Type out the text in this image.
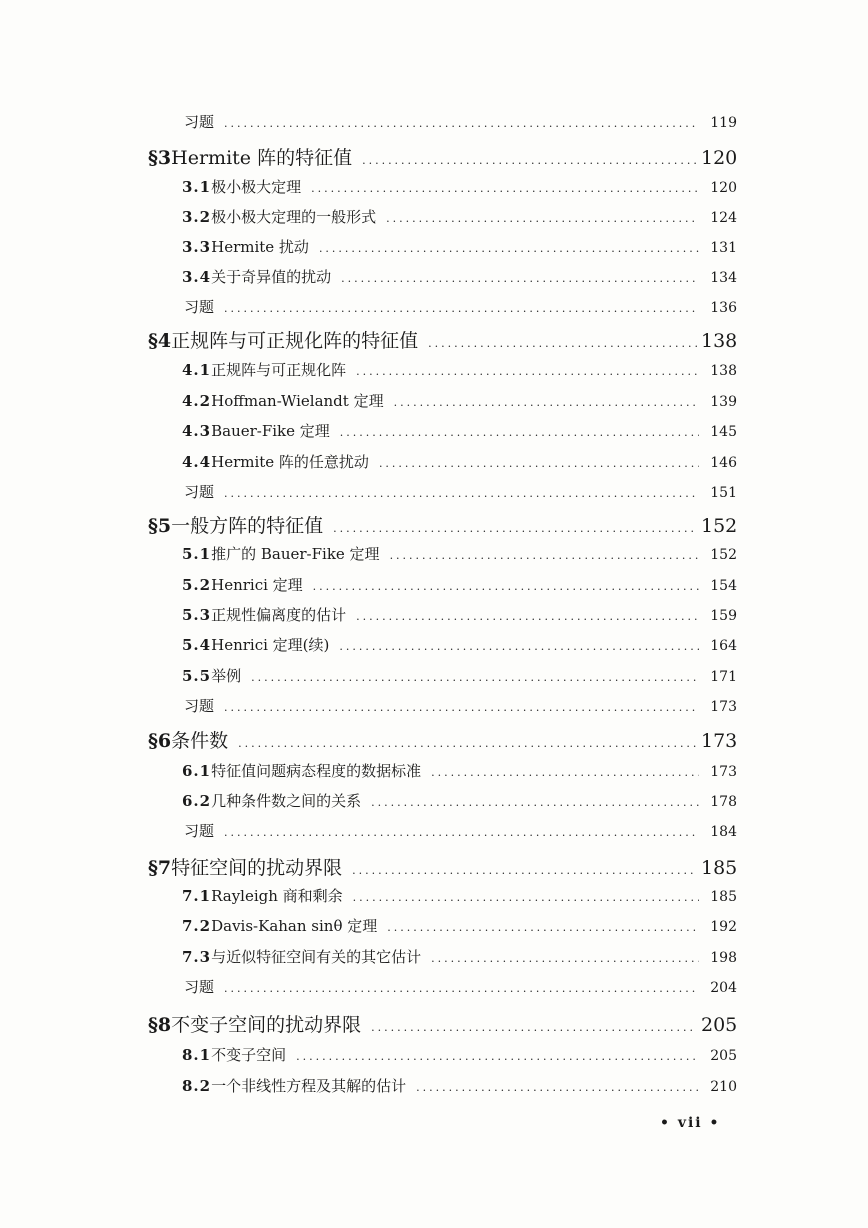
习题 .....	119
§3 Hermite 阵的特征值 .....	120
3.1 极小极大定理 .....	120
3.2 极小极大定理的一般形式 .....	124
3.3 Hermite 扰动 .....	131
3.4 关于奇异值的扰动 .....	134
习题 .....	136
§4 正规阵与可正规化阵的特征值 .....	138
4.1 正规阵与可正规化阵 .....	138
4.2 Hoffman-Wielandt 定理 .....	139
4.3 Bauer-Fike 定理 .....	145
4.4 Hermite 阵的任意扰动 .....	146
习题 .....	151
§5 一般方阵的特征值 .....	152
5.1 推广的 Bauer-Fike 定理 .....	152
5.2 Henrici 定理 .....	154
5.3 正规性偏离度的估计 .....	159
5.4 Henrici 定理(续) .....	164
5.5 举例 .....	171
习题 .....	173
§6 条件数 .....	173
6.1 特征值问题病态程度的数据标准 .....	173
6.2 几种条件数之间的关系 .....	178
习题 .....	184
§7 特征空间的扰动界限 .....	185
7.1 Rayleigh 商和剩余 .....	185
7.2 Davis-Kahan sinθ 定理 .....	192
7.3 与近似特征空间有关的其它估计 .....	198
习题 .....	204
§8 不变子空间的扰动界限 .....	205
8.1 不变子空间 .....	205
8.2 一个非线性方程及其解的估计 .....	210
• vii •
